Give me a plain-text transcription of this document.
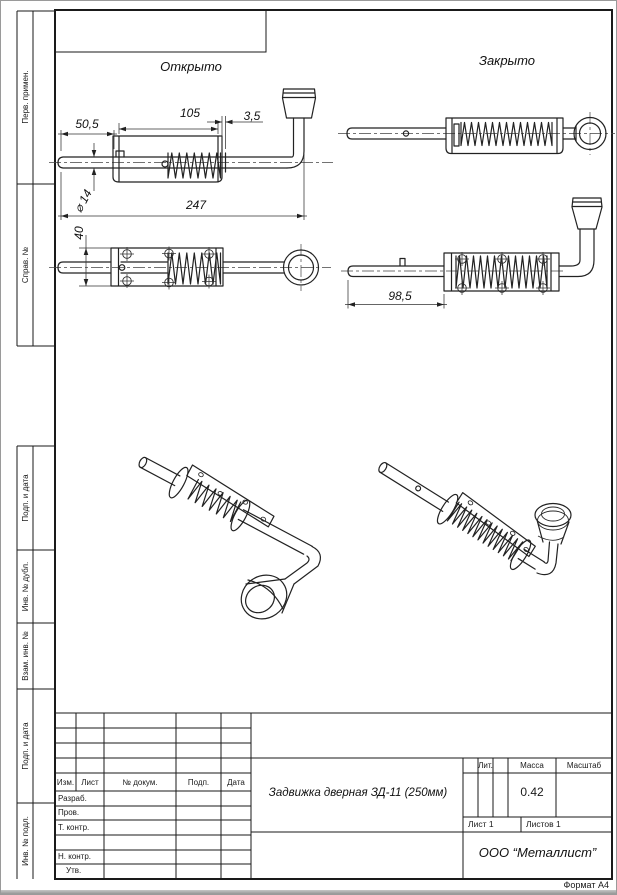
Открыто	Закрыто
50,5
105	3,5
247
⌀ 14
40
98,5
Перв. примен.
Справ. №
Подп. и дата
Инв. № дубл.
Взам. инв. №
Подп. и дата
Инв. № подл.
Изм. Лист	№ докум.	Подп.	Дата
Разраб.
Пров.
Т. контр.
Н. контр.
Утв.
Задвижка дверная ЗД-11 (250мм)
Лит.	Масса	Масштаб
0.42
Лист 1	Листов 1
ООО “Металлист”
Формат А4
